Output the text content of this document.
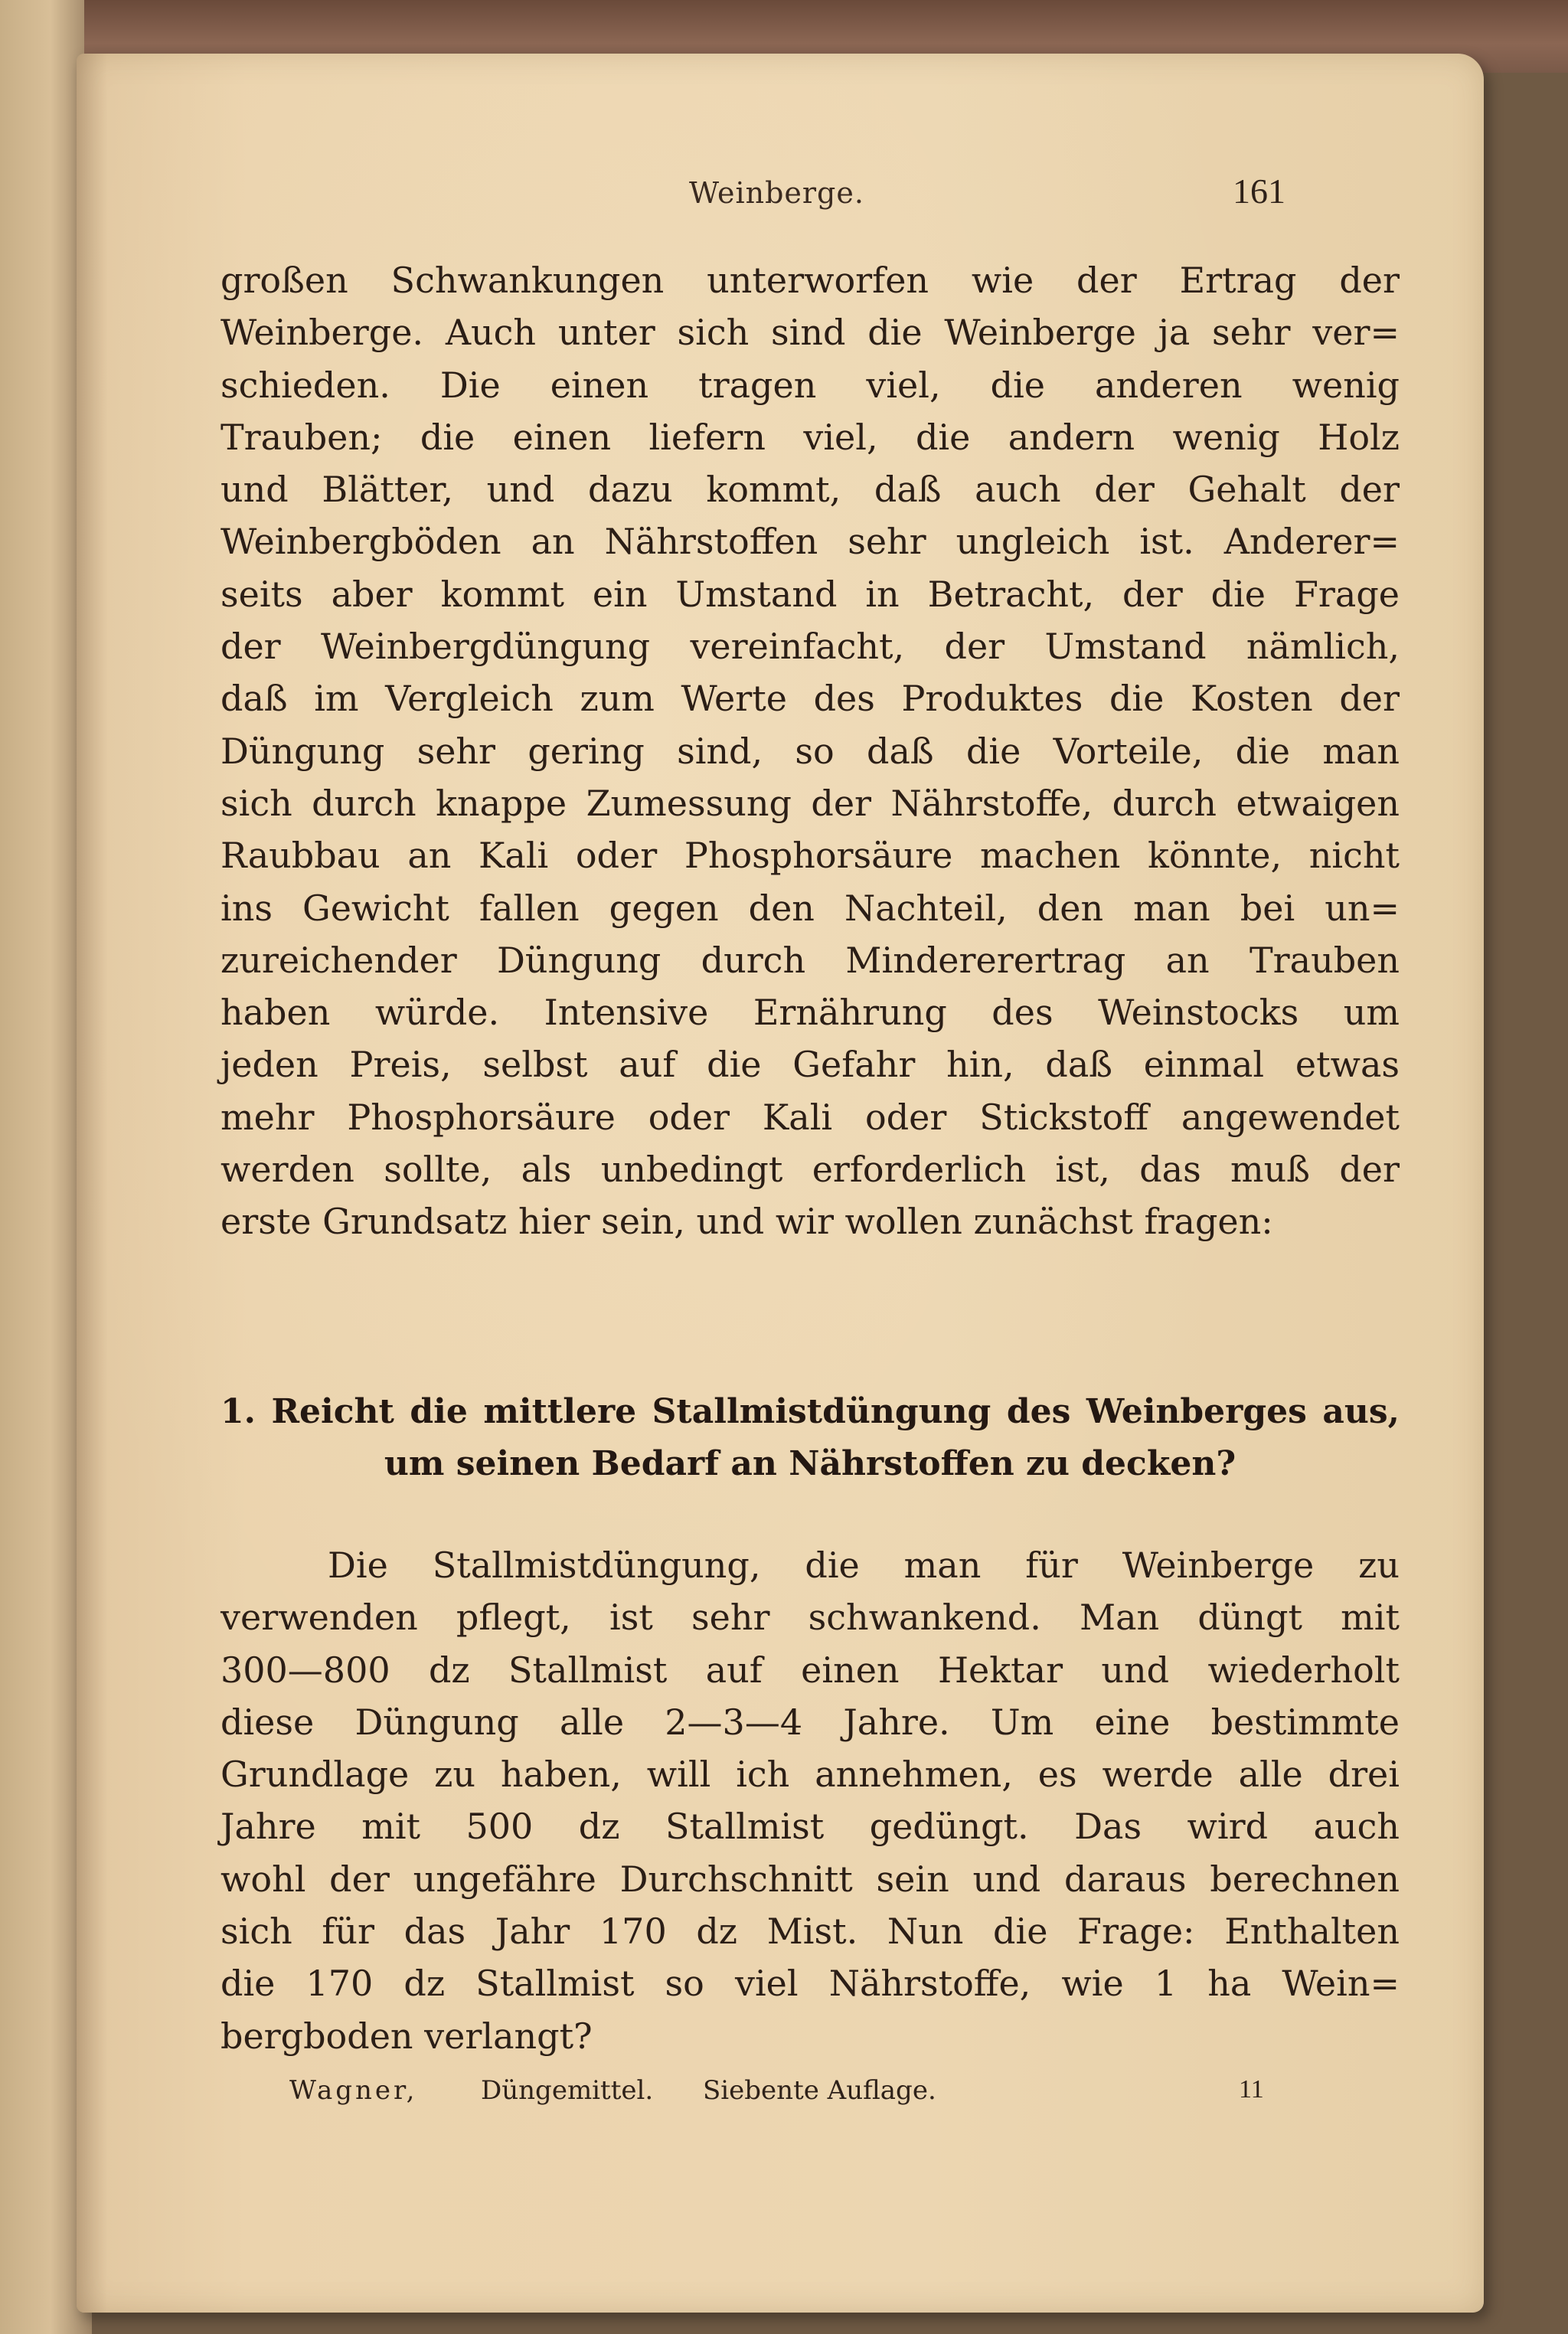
Weinberge.	161
großen Schwankungen unterworfen wie der Ertrag der
Weinberge. Auch unter sich sind die Weinberge ja sehr ver=
schieden. Die einen tragen viel, die anderen wenig
Trauben; die einen liefern viel, die andern wenig Holz
und Blätter, und dazu kommt, daß auch der Gehalt der
Weinbergböden an Nährstoffen sehr ungleich ist. Anderer=
seits aber kommt ein Umstand in Betracht, der die Frage
der Weinbergdüngung vereinfacht, der Umstand nämlich,
daß im Vergleich zum Werte des Produktes die Kosten der
Düngung sehr gering sind, so daß die Vorteile, die man
sich durch knappe Zumessung der Nährstoffe, durch etwaigen
Raubbau an Kali oder Phosphorsäure machen könnte, nicht
ins Gewicht fallen gegen den Nachteil, den man bei un=
zureichender Düngung durch Mindererertrag an Trauben
haben würde. Intensive Ernährung des Weinstocks um
jeden Preis, selbst auf die Gefahr hin, daß einmal etwas
mehr Phosphorsäure oder Kali oder Stickstoff angewendet
werden sollte, als unbedingt erforderlich ist, das muß der
erste Grundsatz hier sein, und wir wollen zunächst fragen:
1. Reicht die mittlere Stallmistdüngung des Weinberges aus,
um seinen Bedarf an Nährstoffen zu decken?
Die Stallmistdüngung, die man für Weinberge zu
verwenden pflegt, ist sehr schwankend. Man düngt mit
300—800 dz Stallmist auf einen Hektar und wiederholt
diese Düngung alle 2—3—4 Jahre. Um eine bestimmte
Grundlage zu haben, will ich annehmen, es werde alle drei
Jahre mit 500 dz Stallmist gedüngt. Das wird auch
wohl der ungefähre Durchschnitt sein und daraus berechnen
sich für das Jahr 170 dz Mist. Nun die Frage: Enthalten
die 170 dz Stallmist so viel Nährstoffe, wie 1 ha Wein=
bergboden verlangt?
Wagner, Düngemittel. Siebente Auflage.	11
